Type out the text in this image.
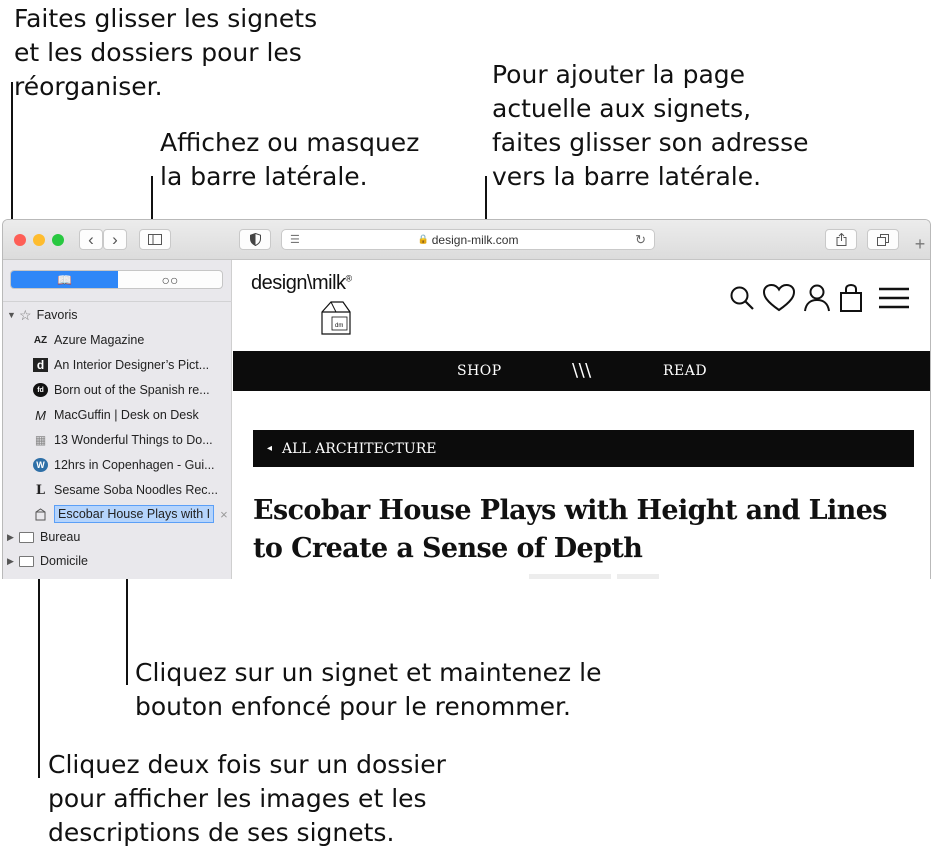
Faites glisser les signets
et les dossiers pour les
réorganiser.
Affichez ou masquez
la barre latérale.
Pour ajouter la page
actuelle aux signets,
faites glisser son adresse
vers la barre latérale.
Cliquez sur un signet et maintenez le
bouton enfoncé pour le renommer.
Cliquez deux fois sur un dossier
pour afficher les images et les
descriptions de ses signets.
‹ ›	☰	🔒 design-milk.com	↻	+
📖	○○
▼ ☆ Favoris
AZ Azure Magazine
d An Interior Designer’s Pict...
fd Born out of the Spanish re...
M MacGuffin | Desk on Desk
▦ 13 Wonderful Things to Do...
W 12hrs in Copenhagen - Gui...
L Sesame Soba Noodles Rec...
Escobar House Plays with I ×
▶	Bureau
▶	Domicile
design\milk®
dm
SHOP	\\\	READ
◂ ALL ARCHITECTURE
Escobar House Plays with Height and Lines to Create a Sense of Depth
